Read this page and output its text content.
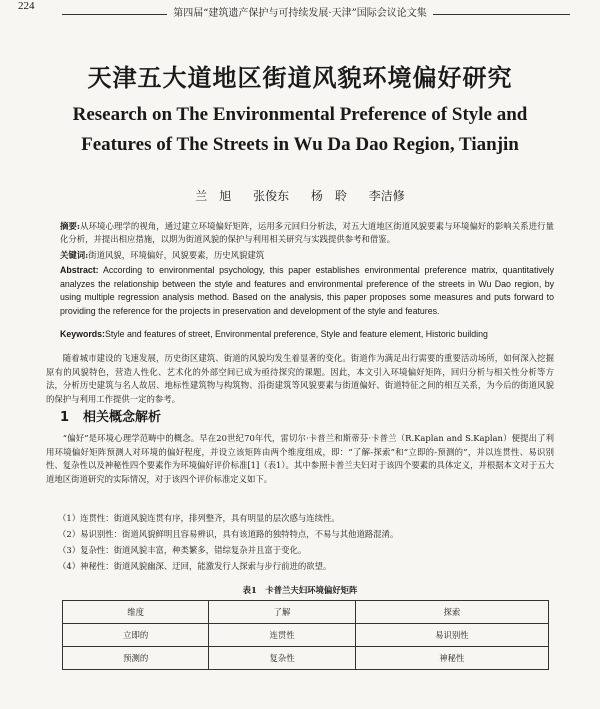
224
第四届“建筑遗产保护与可持续发展·天津”国际会议论文集
天津五大道地区街道风貌环境偏好研究
Research on The Environmental Preference of Style and Features of The Streets in Wu Da Dao Region, Tianjin
兰　旭 张俊东 杨　聆 李洁修
摘要:从环境心理学的视角，通过建立环境偏好矩阵，运用多元回归分析法，对五大道地区街道风貌要素与环境偏好的影响关系进行量化分析，并提出相应措施，以期为街道风貌的保护与利用相关研究与实践提供参考和借鉴。
关键词:街道风貌，环境偏好，风貌要素，历史风貌建筑
Abstract: According to environmental psychology, this paper establishes environmental preference matrix, quantitatively analyzes the relationship between the style and features and environmental preference of the streets in Wu Dao region, by using multiple regression analysis method. Based on the analysis, this paper proposes some measures and puts forward to providing the reference for the projects in preservation and development of the style and features.
Keywords:Style and features of street, Environmental preference, Style and feature element, Historic building
随着城市建设的飞速发展，历史街区建筑、街道的风貌均发生着显著的变化。街道作为满足出行需要的重要活动场所，如何深入挖掘原有的风貌特色，营造人性化、艺术化的外部空间已成为亟待探究的课题。因此，本文引入环境偏好矩阵，回归分析与相关性分析等方法，分析历史建筑与名人故居、地标性建筑物与构筑物、沿街建筑等风貌要素与街道偏好、街道特征之间的相互关系，为今后的街道风貌的保护与利用工作提供一定的参考。
1 相关概念解析
“偏好”是环境心理学范畴中的概念。早在20世纪70年代，雷切尔·卡普兰和斯蒂芬·卡普兰（R.Kaplan and S.Kaplan）便提出了利用环境偏好矩阵预测人对环境的偏好程度，并设立该矩阵由两个维度组成，即：“了解-探索”和“立即的-预测的”，并以连贯性、易识别性、复杂性以及神秘性四个要素作为环境偏好评价标准[1]（表1）。其中参照卡普兰夫妇对于该四个要素的具体定义，并根据本文对于五大道地区街道研究的实际情况，对于该四个评价标准定义如下。
（1）连贯性：街道风貌连贯有序，排列整齐，具有明显的层次感与连续性。
（2）易识别性：街道风貌鲜明且容易辨识，具有该道路的独特特点，不易与其他道路混淆。
（3）复杂性：街道风貌丰富，种类繁多，错综复杂并且富于变化。
（4）神秘性：街道风貌幽深、迂回，能激发行人探索与步行前进的欲望。
表1　卡普兰夫妇环境偏好矩阵
维度	了解	探索
立即的	连贯性	易识别性
预测的	复杂性	神秘性
